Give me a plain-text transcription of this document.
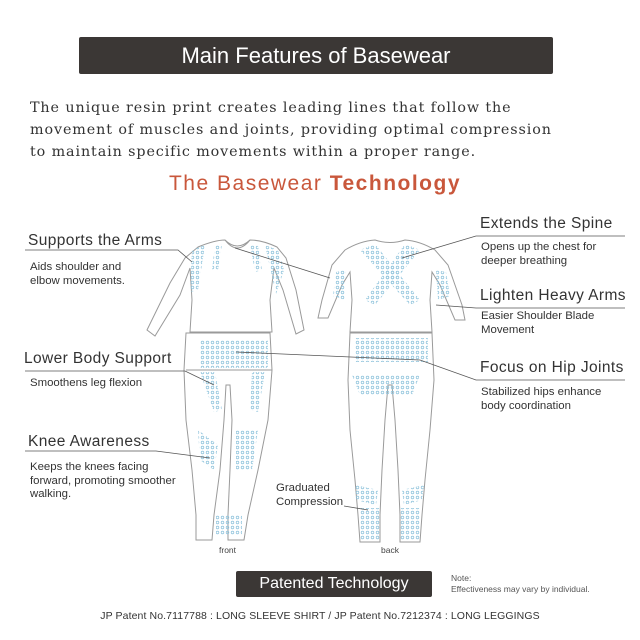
Main Features of Basewear
The unique resin print creates leading lines that follow the
movement of muscles and joints, providing optimal compression
to maintain specific movements within a proper range.
The Basewear Technology
Supports the Arms
Aids shoulder and
elbow movements.
Lower Body Support
Smoothens leg flexion
Knee Awareness
Keeps the knees facing
forward, promoting smoother
walking.
Extends the Spine
Opens up the chest for
deeper breathing
Lighten Heavy Arms
Easier Shoulder Blade
Movement
Focus on Hip Joints
Stabilized hips enhance
body coordination
Graduated
Compression
front	back
Patented Technology	Note:
Effectiveness may vary by individual.
JP Patent No.7117788 : LONG SLEEVE SHIRT / JP Patent No.7212374 : LONG LEGGINGS
